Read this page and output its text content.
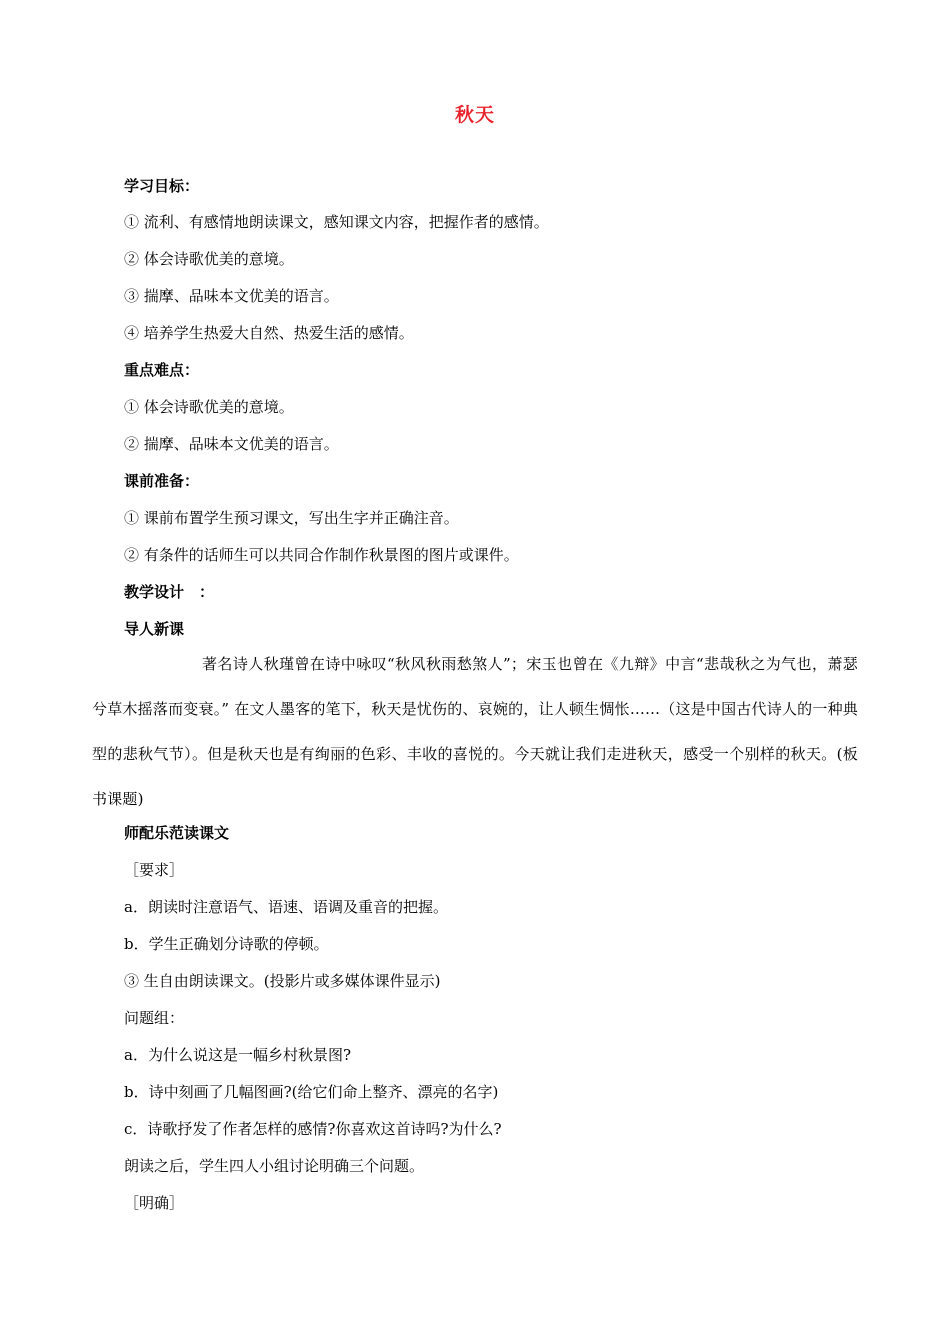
秋天
学习目标：
① 流利、有感情地朗读课文，感知课文内容，把握作者的感情。
② 体会诗歌优美的意境。
③ 揣摩、品味本文优美的语言。
④ 培养学生热爱大自然、热爱生活的感情。
重点难点：
① 体会诗歌优美的意境。
② 揣摩、品味本文优美的语言。
课前准备：
① 课前布置学生预习课文，写出生字并正确注音。
② 有条件的话师生可以共同合作制作秋景图的图片或课件。
教学设计　：
导人新课
著名诗人秋瑾曾在诗中咏叹“秋风秋雨愁煞人”；宋玉也曾在《九辩》中言“悲哉秋之为气也，萧瑟兮草木摇落而变衰。” 在文人墨客的笔下，秋天是忧伤的、哀婉的，让人顿生惆怅……（这是中国古代诗人的一种典型的悲秋气节）。但是秋天也是有绚丽的色彩、丰收的喜悦的。今天就让我们走进秋天，感受一个别样的秋天。(板书课题)
师配乐范读课文
［要求］
a．朗读时注意语气、语速、语调及重音的把握。
b．学生正确划分诗歌的停顿。
③ 生自由朗读课文。(投影片或多媒体课件显示)
问题组：
a．为什么说这是一幅乡村秋景图?
b．诗中刻画了几幅图画?(给它们命上整齐、漂亮的名字)
c．诗歌抒发了作者怎样的感情?你喜欢这首诗吗?为什么?
朗读之后，学生四人小组讨论明确三个问题。
［明确］
